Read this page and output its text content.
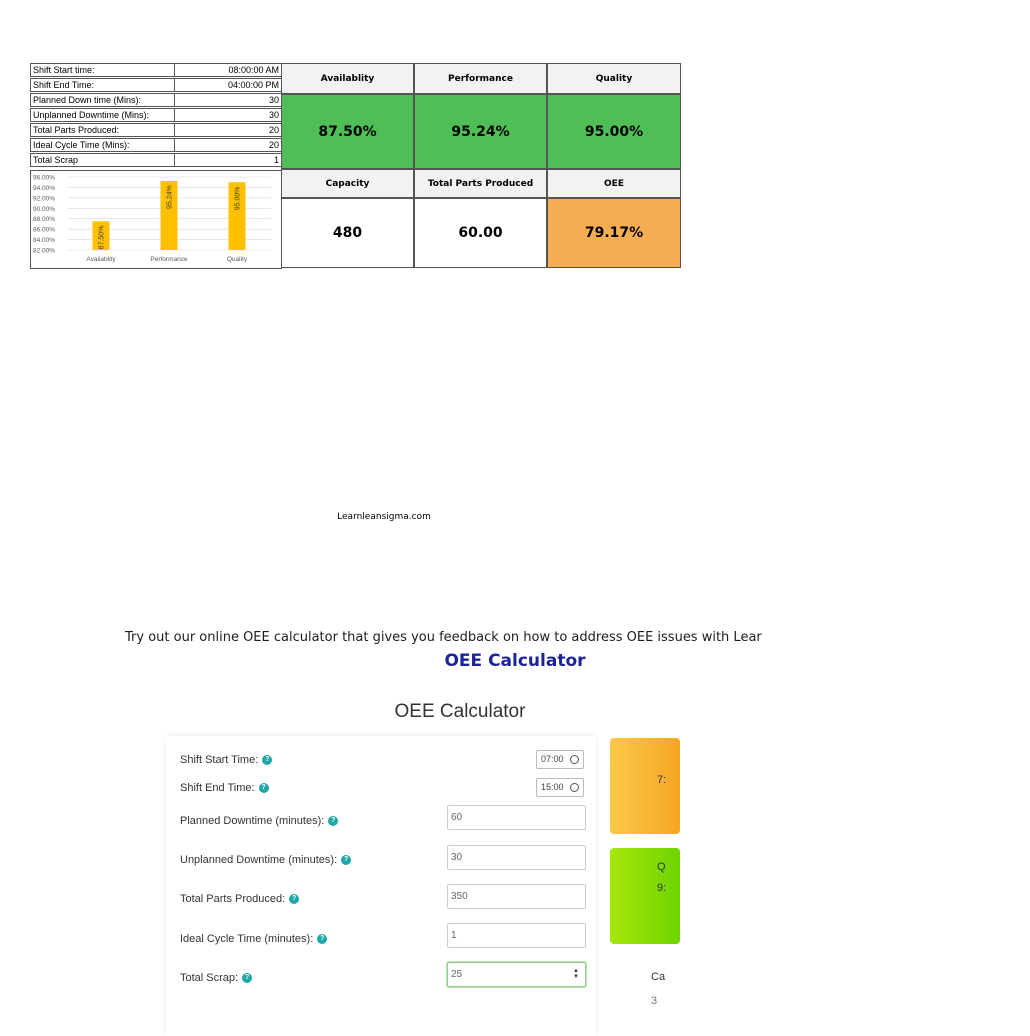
Shift Start time:	08:00:00 AM
Shift End Time:	04:00:00 PM
Planned Down time (Mins):	30
Unplanned Downtime (Mins):	30
Total Parts Produced:	20
Ideal Cycle Time (Mins):	20
Total Scrap	1
96.00%
94.00%
92.00%
90.00%
88.00%
86.00%
84.00%
82.00%
87.50%
Availablity
95.24%
Performance
95.00%
Quality
Availablity	Performance	Quality
87.50%	95.24%	95.00%
Capacity	Total Parts Produced	OEE
480	60.00	79.17%
Learnleansigma.com
Try out our online OEE calculator that gives you feedback on how to address OEE issues with Lear
OEE Calculator
OEE Calculator
Shift Start Time: ?	07:00
Shift End Time: ?	15:00
Planned Downtime (minutes): ?	60
Unplanned Downtime (minutes): ?	30
Total Parts Produced: ?	350
Ideal Cycle Time (minutes): ?	1
Total Scrap: ?	25	▲
▼
7:
Q
9:
Ca
3
